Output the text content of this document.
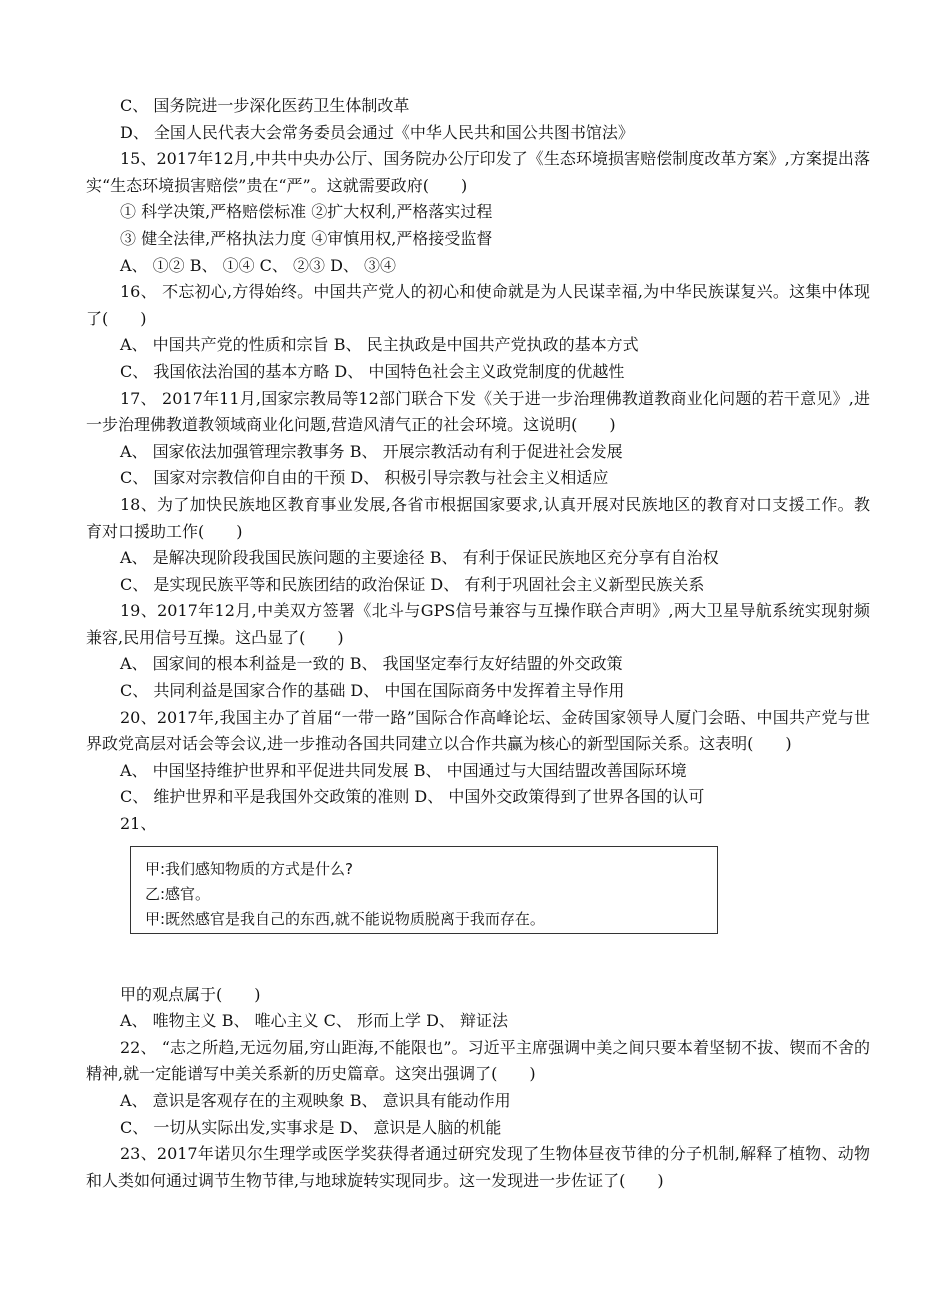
C、 国务院进一步深化医药卫生体制改革

D、 全国人民代表大会常务委员会通过《中华人民共和国公共图书馆法》

15、2017年12月,中共中央办公厅、国务院办公厅印发了《生态环境损害赔偿制度改革方案》,方案提出落实“生态环境损害赔偿”贵在“严”。这就需要政府(　　)

① 科学决策,严格赔偿标准 ②扩大权利,严格落实过程

③ 健全法律,严格执法力度 ④审慎用权,严格接受监督

A、 ①② B、 ①④ C、 ②③ D、 ③④

16、 不忘初心,方得始终。中国共产党人的初心和使命就是为人民谋幸福,为中华民族谋复兴。这集中体现了(　　)

A、 中国共产党的性质和宗旨 B、 民主执政是中国共产党执政的基本方式

C、 我国依法治国的基本方略 D、 中国特色社会主义政党制度的优越性

17、 2017年11月,国家宗教局等12部门联合下发《关于进一步治理佛教道教商业化问题的若干意见》,进一步治理佛教道教领域商业化问题,营造风清气正的社会环境。这说明(　　)

A、 国家依法加强管理宗教事务 B、 开展宗教活动有利于促进社会发展

C、 国家对宗教信仰自由的干预 D、 积极引导宗教与社会主义相适应

18、为了加快民族地区教育事业发展,各省市根据国家要求,认真开展对民族地区的教育对口支援工作。教育对口援助工作(　　)

A、 是解决现阶段我国民族问题的主要途径 B、 有利于保证民族地区充分享有自治权

C、 是实现民族平等和民族团结的政治保证 D、 有利于巩固社会主义新型民族关系

19、2017年12月,中美双方签署《北斗与GPS信号兼容与互操作联合声明》,两大卫星导航系统实现射频兼容,民用信号互操。这凸显了(　　)

A、 国家间的根本利益是一致的 B、 我国坚定奉行友好结盟的外交政策

C、 共同利益是国家合作的基础 D、 中国在国际商务中发挥着主导作用

20、2017年,我国主办了首届“一带一路”国际合作高峰论坛、金砖国家领导人厦门会晤、中国共产党与世界政党高层对话会等会议,进一步推动各国共同建立以合作共赢为核心的新型国际关系。这表明(　　)

A、 中国坚持维护世界和平促进共同发展 B、 中国通过与大国结盟改善国际环境

C、 维护世界和平是我国外交政策的准则 D、 中国外交政策得到了世界各国的认可

21、

甲:我们感知物质的方式是什么?
乙:感官。
甲:既然感官是我自己的东西,就不能说物质脱离于我而存在。

甲的观点属于(　　)

A、 唯物主义 B、 唯心主义 C、 形而上学 D、 辩证法

22、 “志之所趋,无远勿届,穷山距海,不能限也”。习近平主席强调中美之间只要本着坚韧不拔、锲而不舍的精神,就一定能谱写中美关系新的历史篇章。这突出强调了(　　)

A、 意识是客观存在的主观映象 B、 意识具有能动作用

C、 一切从实际出发,实事求是 D、 意识是人脑的机能

23、2017年诺贝尔生理学或医学奖获得者通过研究发现了生物体昼夜节律的分子机制,解释了植物、动物和人类如何通过调节生物节律,与地球旋转实现同步。这一发现进一步佐证了(　　)
